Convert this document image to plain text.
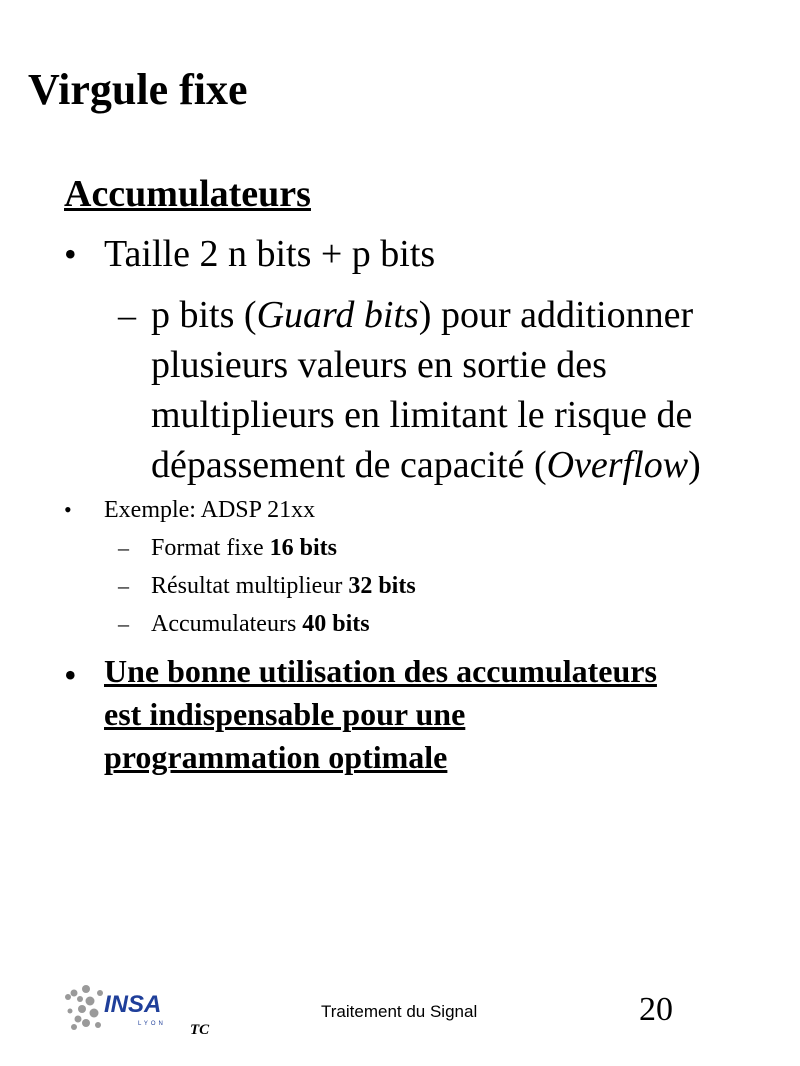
Virgule fixe
Accumulateurs
• Taille 2 n bits + p bits
– p bits (Guard bits) pour additionner
plusieurs valeurs en sortie des
multiplieurs en limitant le risque de
dépassement de capacité (Overflow)
• Exemple: ADSP 21xx
– Format fixe 16 bits
– Résultat multiplieur 32 bits
– Accumulateurs 40 bits
• Une bonne utilisation des accumulateurs
est indispensable pour une
programmation optimale
INSA
LYON TC
Traitement du Signal	20
